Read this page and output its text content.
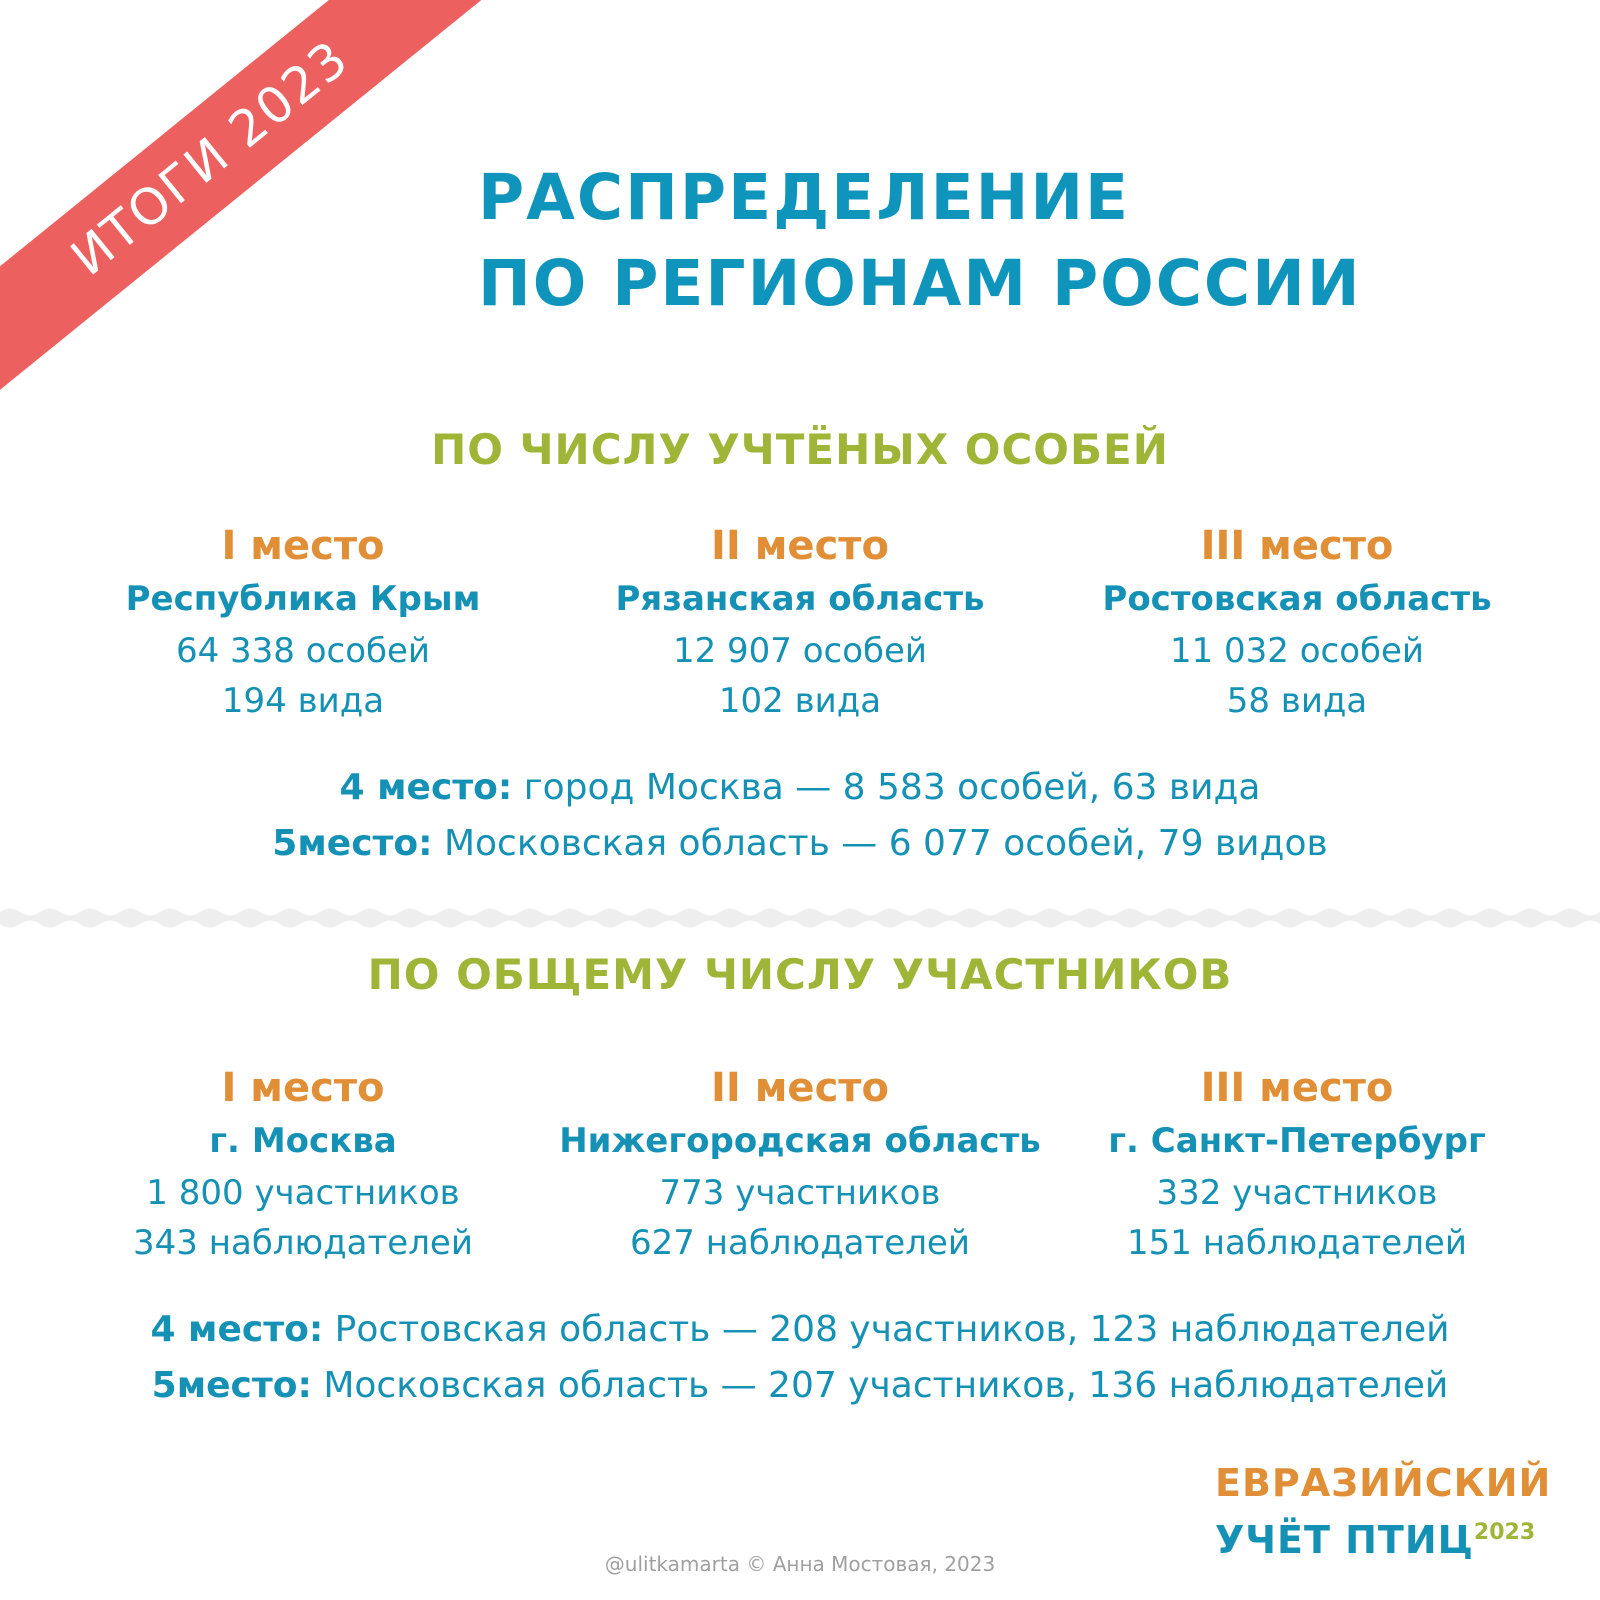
ИТОГИ 2023 РАСПРЕДЕЛЕНИЕ
ПО РЕГИОНАМ РОССИИ
ПО ЧИСЛУ УЧТЁНЫХ ОСОБЕЙ
I место
Республика Крым
64 338 особей
194 вида
II место
Рязанская область
12 907 особей
102 вида
III место
Ростовская область
11 032 особей
58 вида
4 место: город Москва — 8 583 особей, 63 вида
5место: Московская область — 6 077 особей, 79 видов
ПО ОБЩЕМУ ЧИСЛУ УЧАСТНИКОВ
I место
г. Москва
1 800 участников
343 наблюдателей
II место
Нижегородская область
773 участников
627 наблюдателей
III место
г. Санкт-Петербург
332 участников
151 наблюдателей
4 место: Ростовская область — 208 участников, 123 наблюдателей
5место: Московская область — 207 участников, 136 наблюдателей
ЕВРАЗИЙСКИЙ
УЧЁТ $ПТИЦ^{2023}$
@ulitkamarta © Анна Мостовая, 2023
